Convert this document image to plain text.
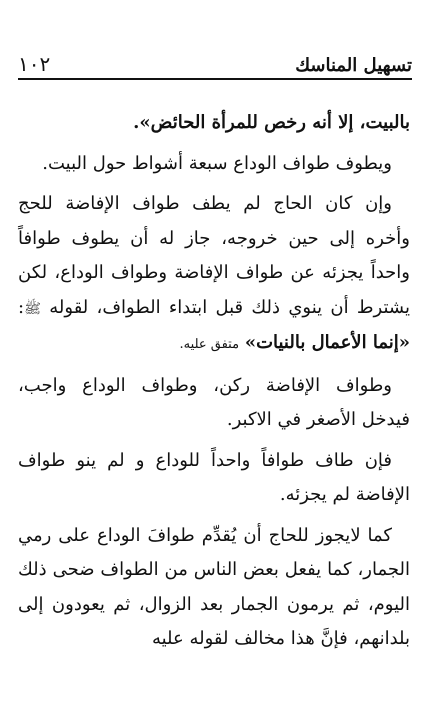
١٠٢	تسهيل المناسك

بالبيت، إلا أنه رخص للمرأة الحائض».

ويطوف طواف الوداع سبعة أشواط حول البيت.

وإن كان الحاج لم يطف طواف الإفاضة للحج وأخره إلى حين خروجه، جاز له أن يطوف طوافاً واحداً يجزئه عن طواف الإفاضة وطواف الوداع، لكن يشترط أن ينوي ذلك قبل ابتداء الطواف، لقوله ﷺ: «إنما الأعمال بالنيات» متفق عليه.

وطواف الإفاضة ركن، وطواف الوداع واجب، فيدخل الأصغر في الاكبر.

فإن طاف طوافاً واحداً للوداع و لم ينو طواف الإفاضة لم يجزئه.

كما لايجوز للحاج أن يُقدِّم طوافَ الوداع على رمي الجمار، كما يفعل بعض الناس من الطواف ضحى ذلك اليوم، ثم يرمون الجمار بعد الزوال، ثم يعودون إلى بلدانهم، فإنَّ هذا مخالف لقوله عليه
